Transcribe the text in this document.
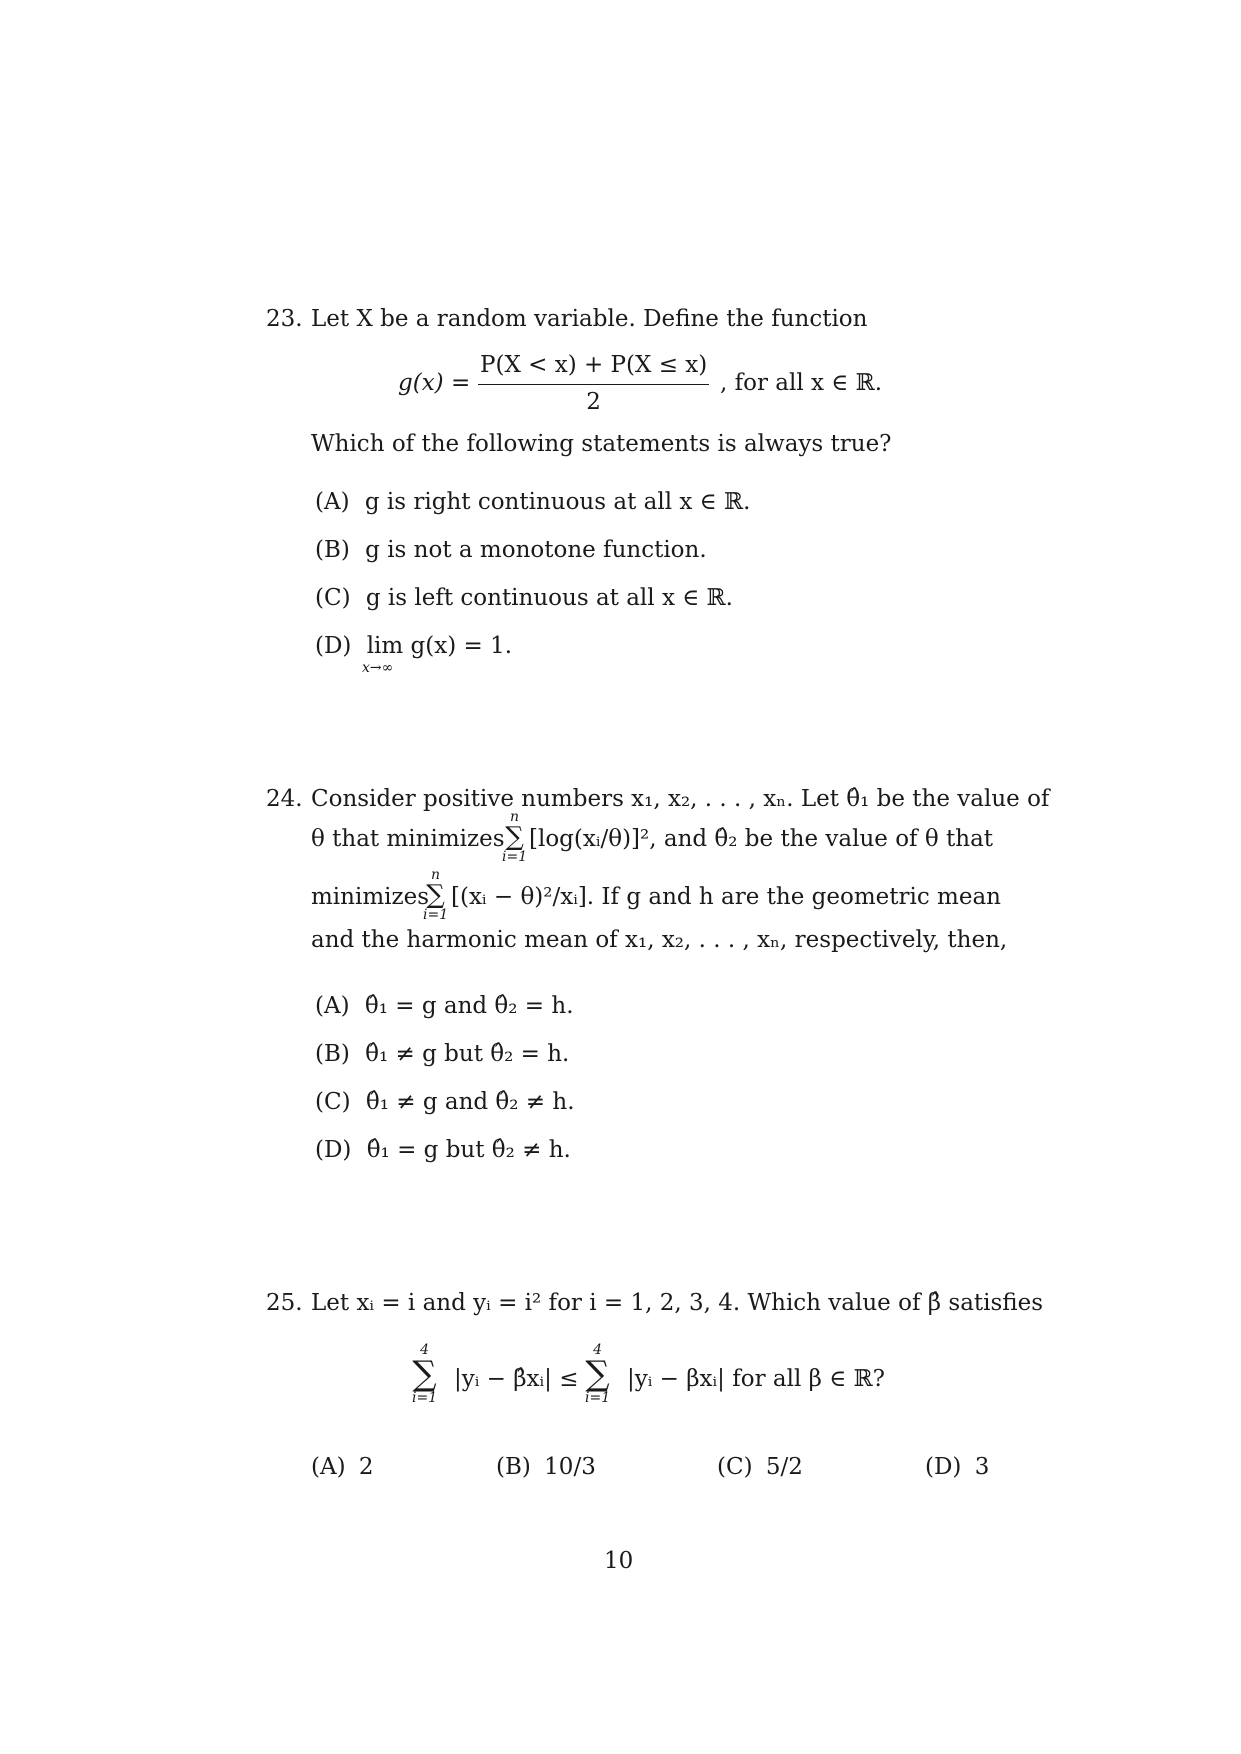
23. Let X be a random variable. Define the function
$g(x) = \frac{P(X < x) + P(X \le x)}{2}$ , for all x ∈ ℝ.
Which of the following statements is always true?
(A) g is right continuous at all x ∈ ℝ.
(B) g is not a monotone function.
(C) g is left continuous at all x ∈ ℝ.
(D) lim g(x) = 1.
x→∞
24. Consider positive numbers x₁, x₂, . . . , xₙ. Let θ̂₁ be the value of
θ that minimizes
n
∑
i=1
[log(xᵢ/θ)]², and θ̂₂ be the value of θ that
minimizes
n
∑
i=1
[(xᵢ − θ)²/xᵢ]. If g and h are the geometric mean
and the harmonic mean of x₁, x₂, . . . , xₙ, respectively, then,
(A) θ̂₁ = g and θ̂₂ = h.
(B) θ̂₁ ≠ g but θ̂₂ = h.
(C) θ̂₁ ≠ g and θ̂₂ ≠ h.
(D) θ̂₁ = g but θ̂₂ ≠ h.
25. Let xᵢ = i and yᵢ = i² for i = 1, 2, 3, 4. Which value of β̂ satisfies
4
∑
i=1
|yᵢ − β̂xᵢ| ≤
4
∑
i=1
|yᵢ − βxᵢ| for all β ∈ ℝ?
(A) 2	(B) 10/3	(C) 5/2	(D) 3
10
